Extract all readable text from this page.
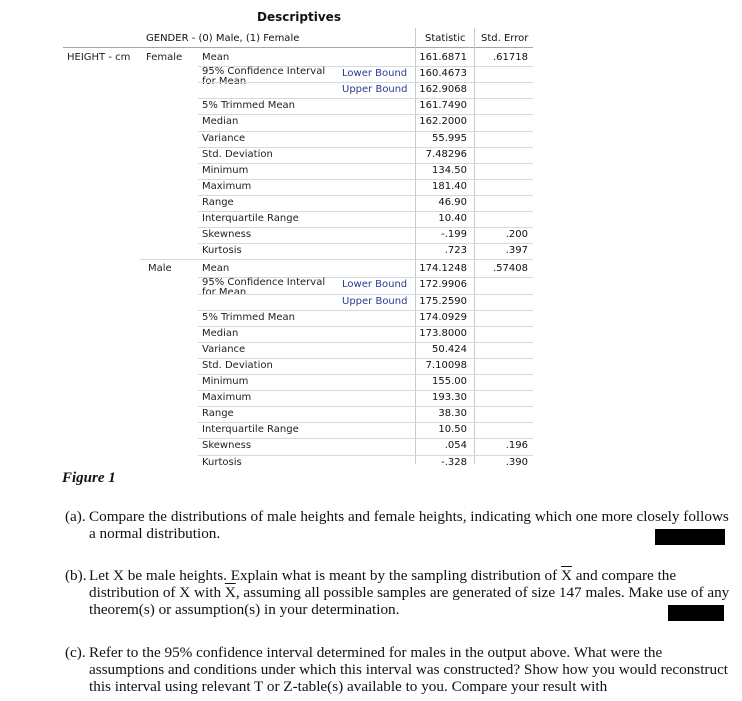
Descriptives
GENDER - (0) Male, (1) Female	Statistic Std. Error
HEIGHT - cm Female Mean	161.6871	.61718
95% Confidence Interval
for Mean
Lower Bound	160.4673
Upper Bound	162.9068
5% Trimmed Mean	161.7490
Median	162.2000
Variance	55.995
Std. Deviation	7.48296
Minimum	134.50
Maximum	181.40
Range	46.90
Interquartile Range	10.40
Skewness	-.199	.200
Kurtosis	.723	.397
Male	Mean	174.1248	.57408
95% Confidence Interval
for Mean
Lower Bound	172.9906
Upper Bound	175.2590
5% Trimmed Mean	174.0929
Median	173.8000
Variance	50.424
Std. Deviation	7.10098
Minimum	155.00
Maximum	193.30
Range	38.30
Interquartile Range	10.50
Skewness	.054	.196
Kurtosis	-.328	.390
Figure 1
(a). Compare the distributions of male heights and female heights, indicating which one more closely follows a normal distribution.
(b). Let X be male heights. Explain what is meant by the sampling distribution of $\overline{X}$ and compare the distribution of X with $\overline{X}$, assuming all possible samples are generated of size 147 males. Make use of any theorem(s) or assumption(s) in your determination.
(c). Refer to the 95% confidence interval determined for males in the output above. What were the assumptions and conditions under which this interval was constructed? Show how you would reconstruct this interval using relevant T or Z-table(s) available to you. Compare your result with
